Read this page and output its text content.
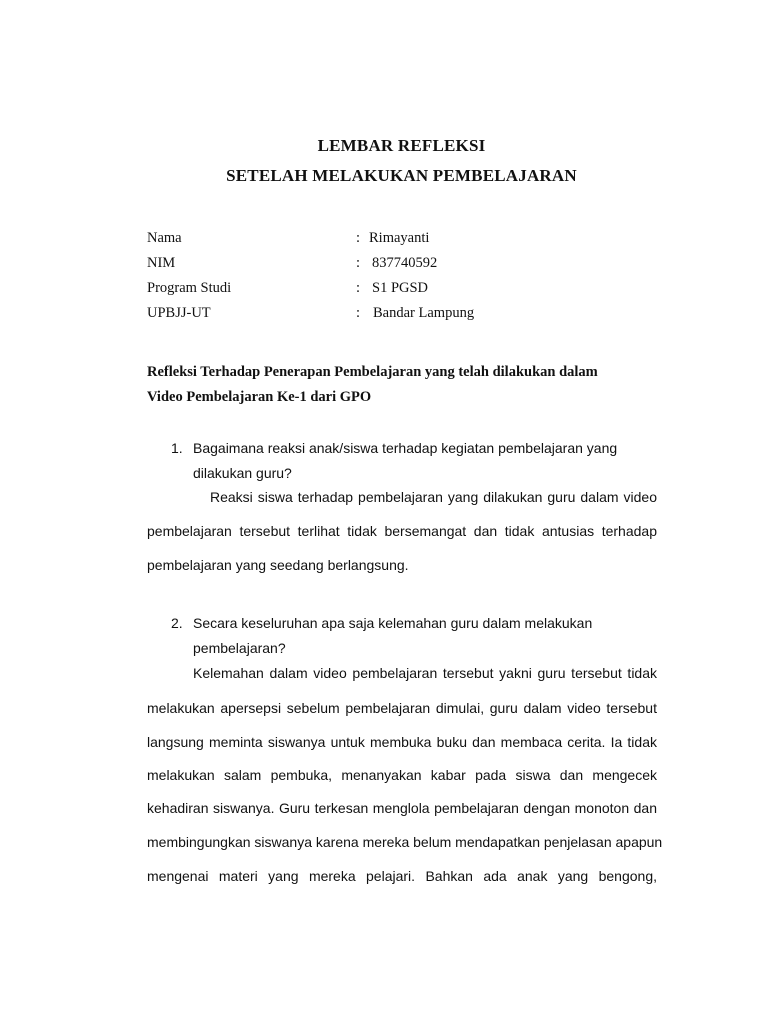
LEMBAR REFLEKSI
SETELAH MELAKUKAN PEMBELAJARAN
Nama	: Rimayanti
NIM	: 837740592
Program Studi	: S1 PGSD
UPBJJ-UT	: Bandar Lampung
Refleksi Terhadap Penerapan Pembelajaran yang telah dilakukan dalam
Video Pembelajaran Ke-1 dari GPO
1. Bagaimana reaksi anak/siswa terhadap kegiatan pembelajaran yang
dilakukan guru?
Reaksi siswa terhadap pembelajaran yang dilakukan guru dalam video
pembelajaran tersebut terlihat tidak bersemangat dan tidak antusias terhadap
pembelajaran yang seedang berlangsung.
2. Secara keseluruhan apa saja kelemahan guru dalam melakukan
pembelajaran?
Kelemahan dalam video pembelajaran tersebut yakni guru tersebut tidak
melakukan apersepsi sebelum pembelajaran dimulai, guru dalam video tersebut
langsung meminta siswanya untuk membuka buku dan membaca cerita. Ia tidak
melakukan salam pembuka, menanyakan kabar pada siswa dan mengecek
kehadiran siswanya. Guru terkesan menglola pembelajaran dengan monoton dan
membingungkan siswanya karena mereka belum mendapatkan penjelasan apapun
mengenai materi yang mereka pelajari. Bahkan ada anak yang bengong,
